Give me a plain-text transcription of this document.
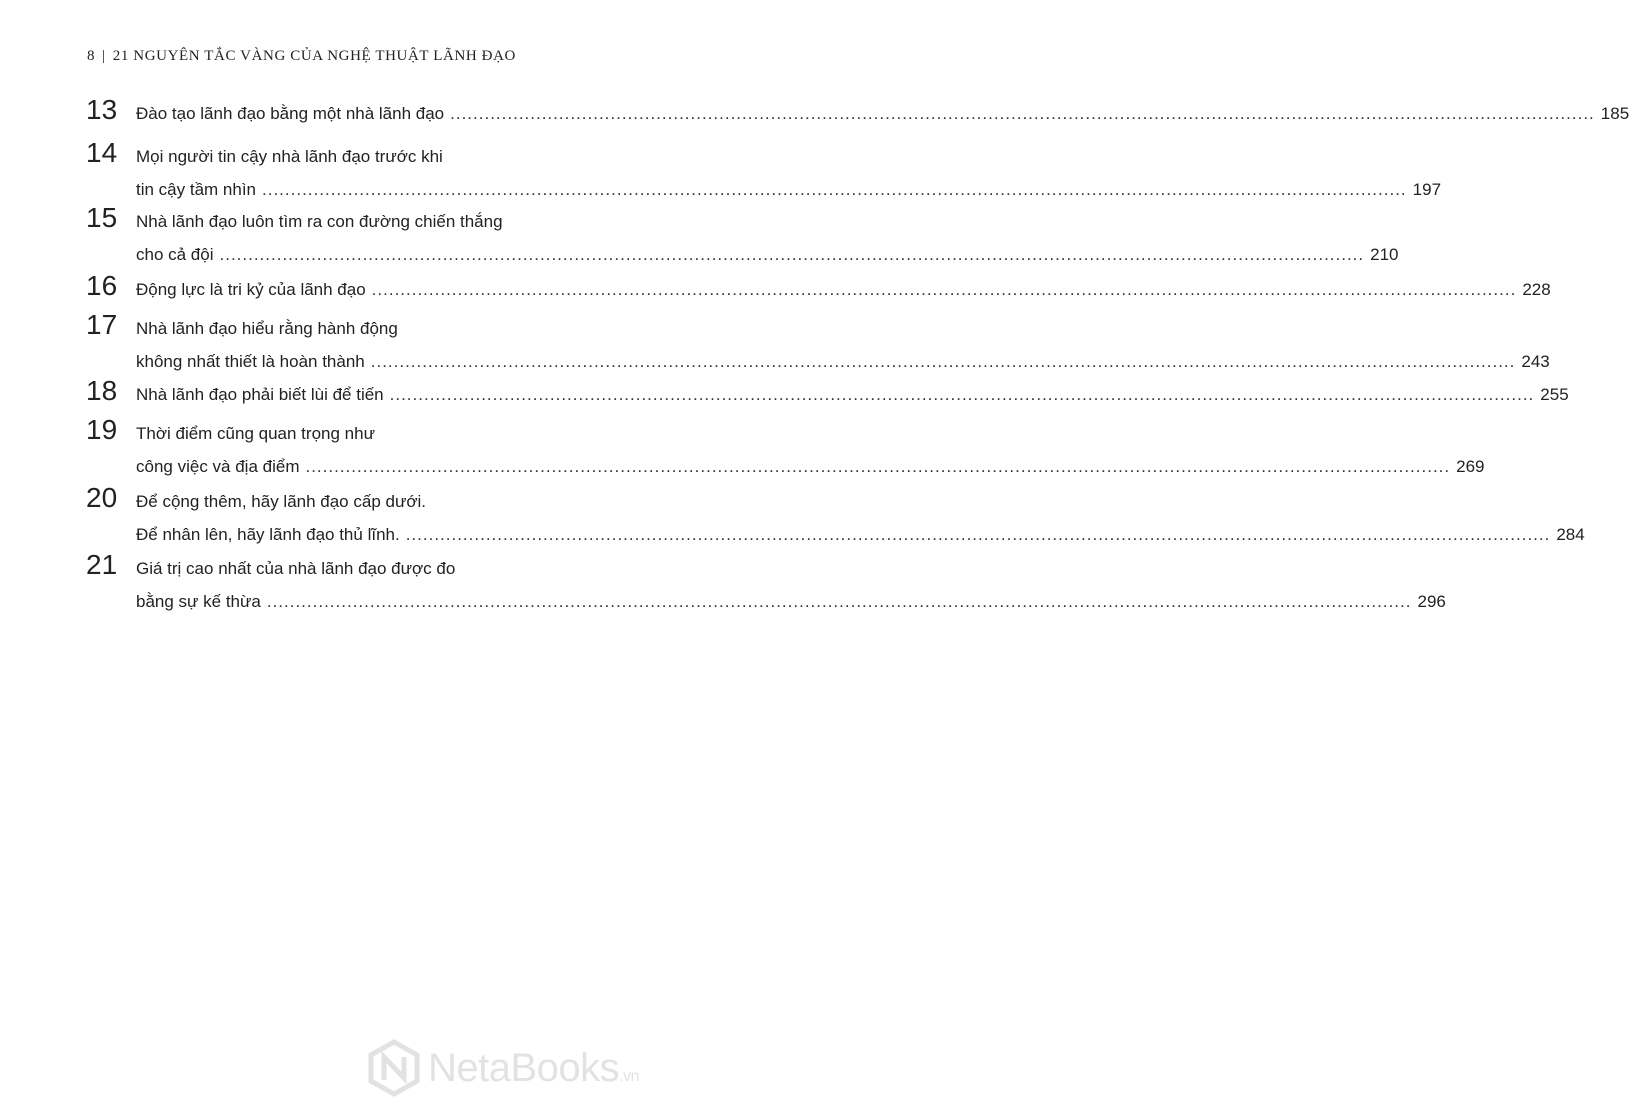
8 | 21 NGUYÊN TẮC VÀNG CỦA NGHỆ THUẬT LÃNH ĐẠO
13 Đào tạo lãnh đạo bằng một nhà lãnh đạo ........................................................................................................................................................................................................ 185
14 Mọi người tin cậy nhà lãnh đạo trước khi
tin cậy tầm nhìn ........................................................................................................................................................................................................ 197
15 Nhà lãnh đạo luôn tìm ra con đường chiến thắng
cho cả đội ........................................................................................................................................................................................................ 210
16 Động lực là tri kỷ của lãnh đạo ........................................................................................................................................................................................................ 228
17 Nhà lãnh đạo hiểu rằng hành động
không nhất thiết là hoàn thành ........................................................................................................................................................................................................ 243
18 Nhà lãnh đạo phải biết lùi để tiến ........................................................................................................................................................................................................ 255
19 Thời điểm cũng quan trọng như
công việc và địa điểm ........................................................................................................................................................................................................ 269
20 Để cộng thêm, hãy lãnh đạo cấp dưới.
Để nhân lên, hãy lãnh đạo thủ lĩnh. ........................................................................................................................................................................................................ 284
21 Giá trị cao nhất của nhà lãnh đạo được đo
bằng sự kế thừa ........................................................................................................................................................................................................ 296
NetaBooks.vn
